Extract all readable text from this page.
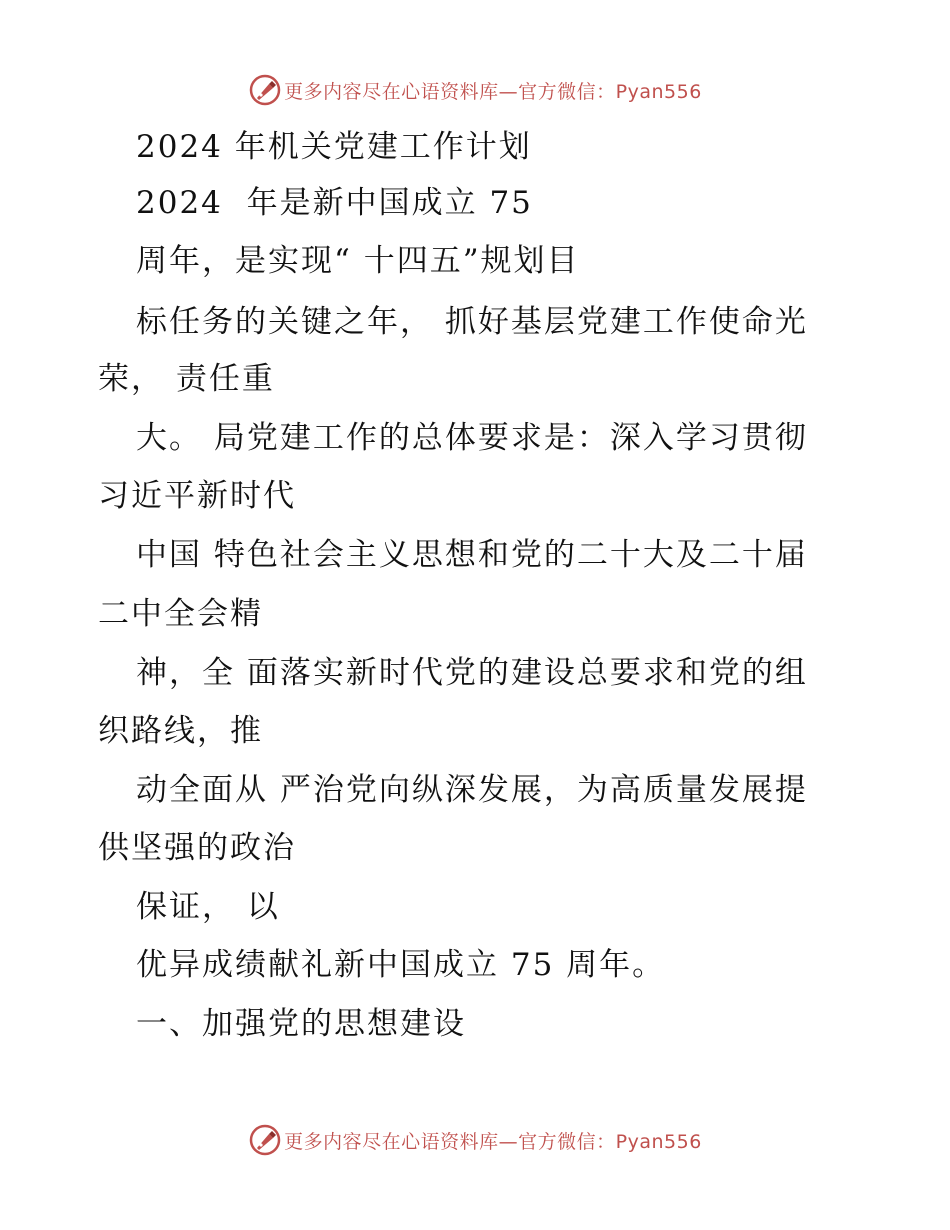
更多内容尽在心语资料库—官方微信：Pyan556
2024 年机关党建工作计划
2024  年是新中国成立 75
周年，是实现“ 十四五”规划目
标任务的关键之年， 抓好基层党建工作使命光
荣， 责任重
大。 局党建工作的总体要求是：深入学习贯彻
习近平新时代
中国 特色社会主义思想和党的二十大及二十届
二中全会精
神，全 面落实新时代党的建设总要求和党的组
织路线，推
动全面从 严治党向纵深发展，为高质量发展提
供坚强的政治
保证， 以
优异成绩献礼新中国成立 75 周年。
一、加强党的思想建设
更多内容尽在心语资料库—官方微信：Pyan556
